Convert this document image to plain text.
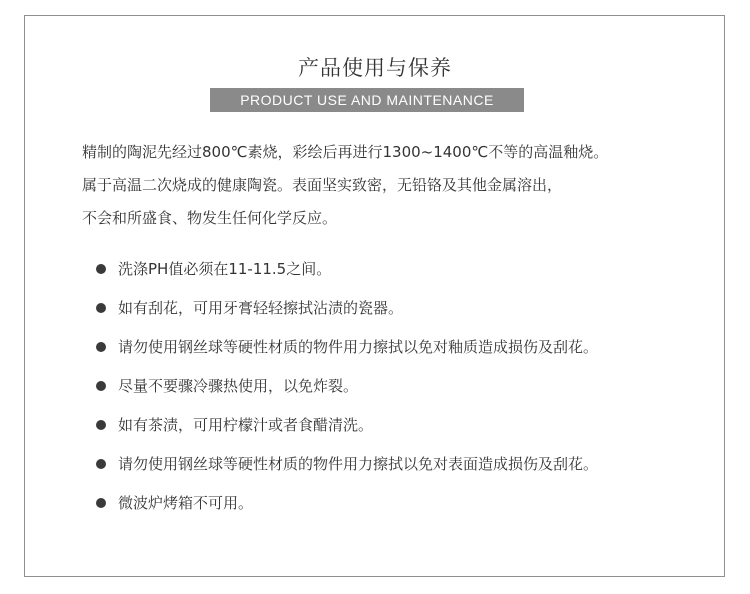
产品使用与保养
PRODUCT USE AND MAINTENANCE

精制的陶泥先经过800℃素烧，彩绘后再进行1300~1400℃不等的高温釉烧。

属于高温二次烧成的健康陶瓷。表面坚实致密，无铅铬及其他金属溶出，

不会和所盛食、物发生任何化学反应。

洗涤PH值必须在11-11.5之间。
如有刮花，可用牙膏轻轻擦拭沾渍的瓷器。
请勿使用钢丝球等硬性材质的物件用力擦拭以免对釉质造成损伤及刮花。
尽量不要骤冷骤热使用，以免炸裂。
如有茶渍，可用柠檬汁或者食醋清洗。
请勿使用钢丝球等硬性材质的物件用力擦拭以免对表面造成损伤及刮花。
微波炉烤箱不可用。
